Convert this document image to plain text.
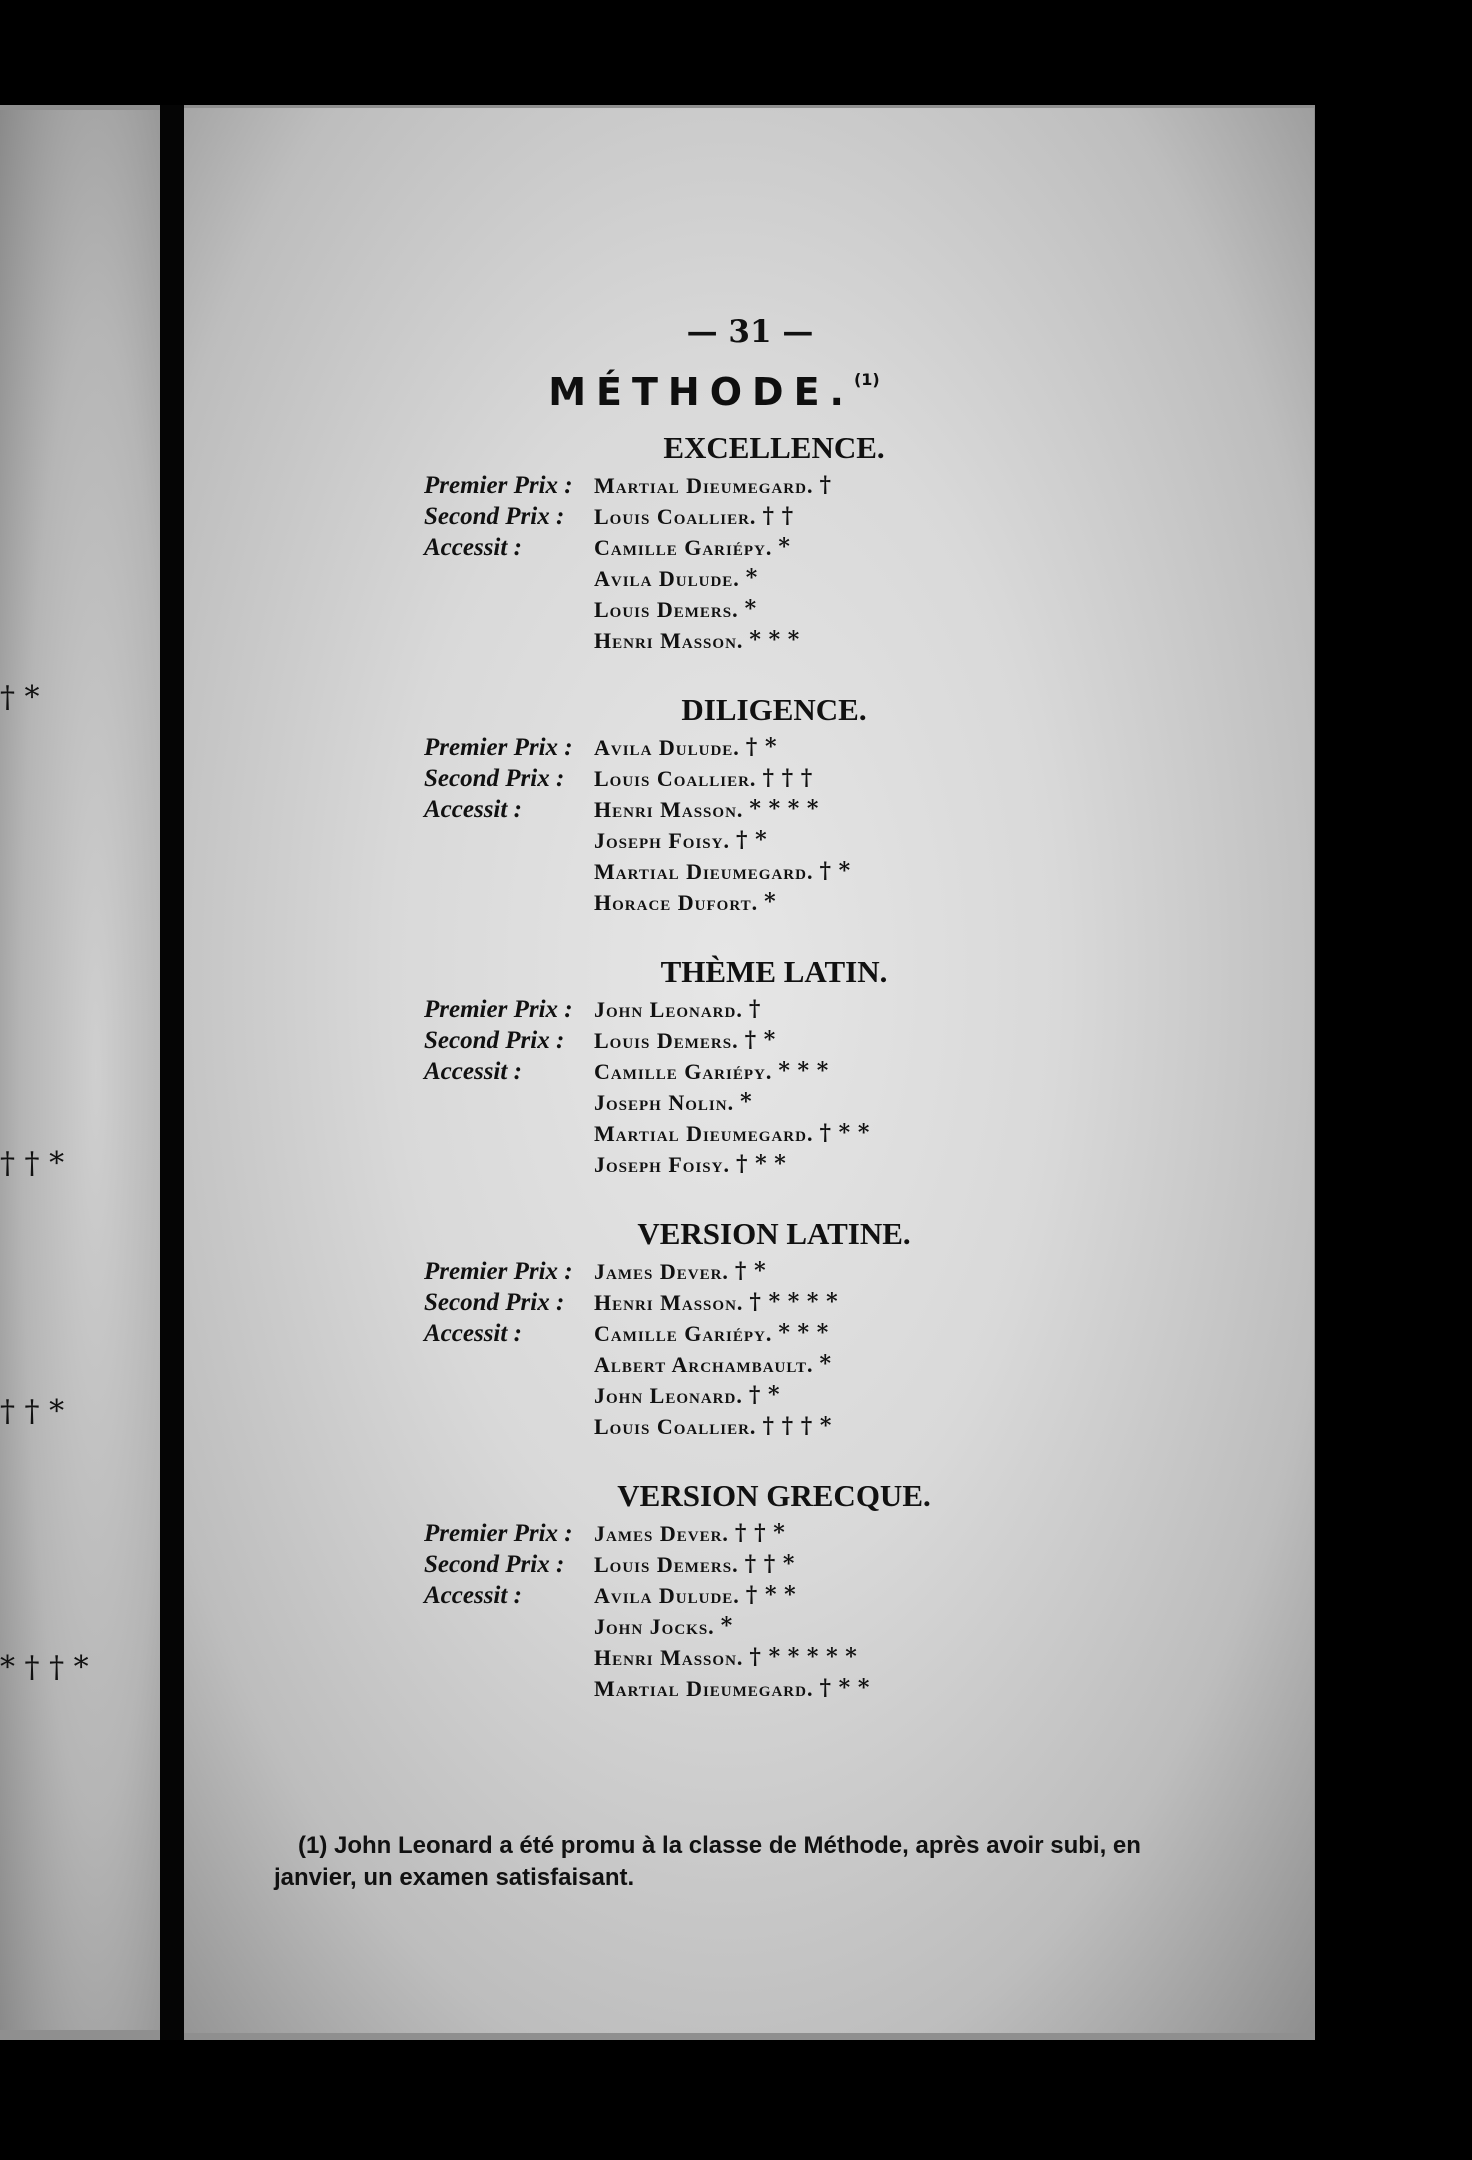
† *
† † *
† † *
* † † *
— 31 —
MÉTHODE.$^{(1)}$
EXCELLENCE.
Premier Prix : Martial Dieumegard. †
Second Prix :	Louis Coallier. † †
Accessit :	Camille Gariépy. *
Avila Dulude. *
Louis Demers. *
Henri Masson. * * *
DILIGENCE.
Premier Prix : Avila Dulude. † *
Second Prix :	Louis Coallier. † † †
Accessit :	Henri Masson. * * * *
Joseph Foisy. † *
Martial Dieumegard. † *
Horace Dufort. *
THÈME LATIN.
Premier Prix : John Leonard. †
Second Prix :	Louis Demers. † *
Accessit :	Camille Gariépy. * * *
Joseph Nolin. *
Martial Dieumegard. † * *
Joseph Foisy. † * *
VERSION LATINE.
Premier Prix : James Dever. † *
Second Prix :	Henri Masson. † * * * *
Accessit :	Camille Gariépy. * * *
Albert Archambault. *
John Leonard. † *
Louis Coallier. † † † *
VERSION GRECQUE.
Premier Prix : James Dever. † † *
Second Prix :	Louis Demers. † † *
Accessit :	Avila Dulude. † * *
John Jocks. *
Henri Masson. † * * * * *
Martial Dieumegard. † * *
(1) John Leonard a été promu à la classe de Méthode, après avoir subi, en janvier, un examen satisfaisant.
